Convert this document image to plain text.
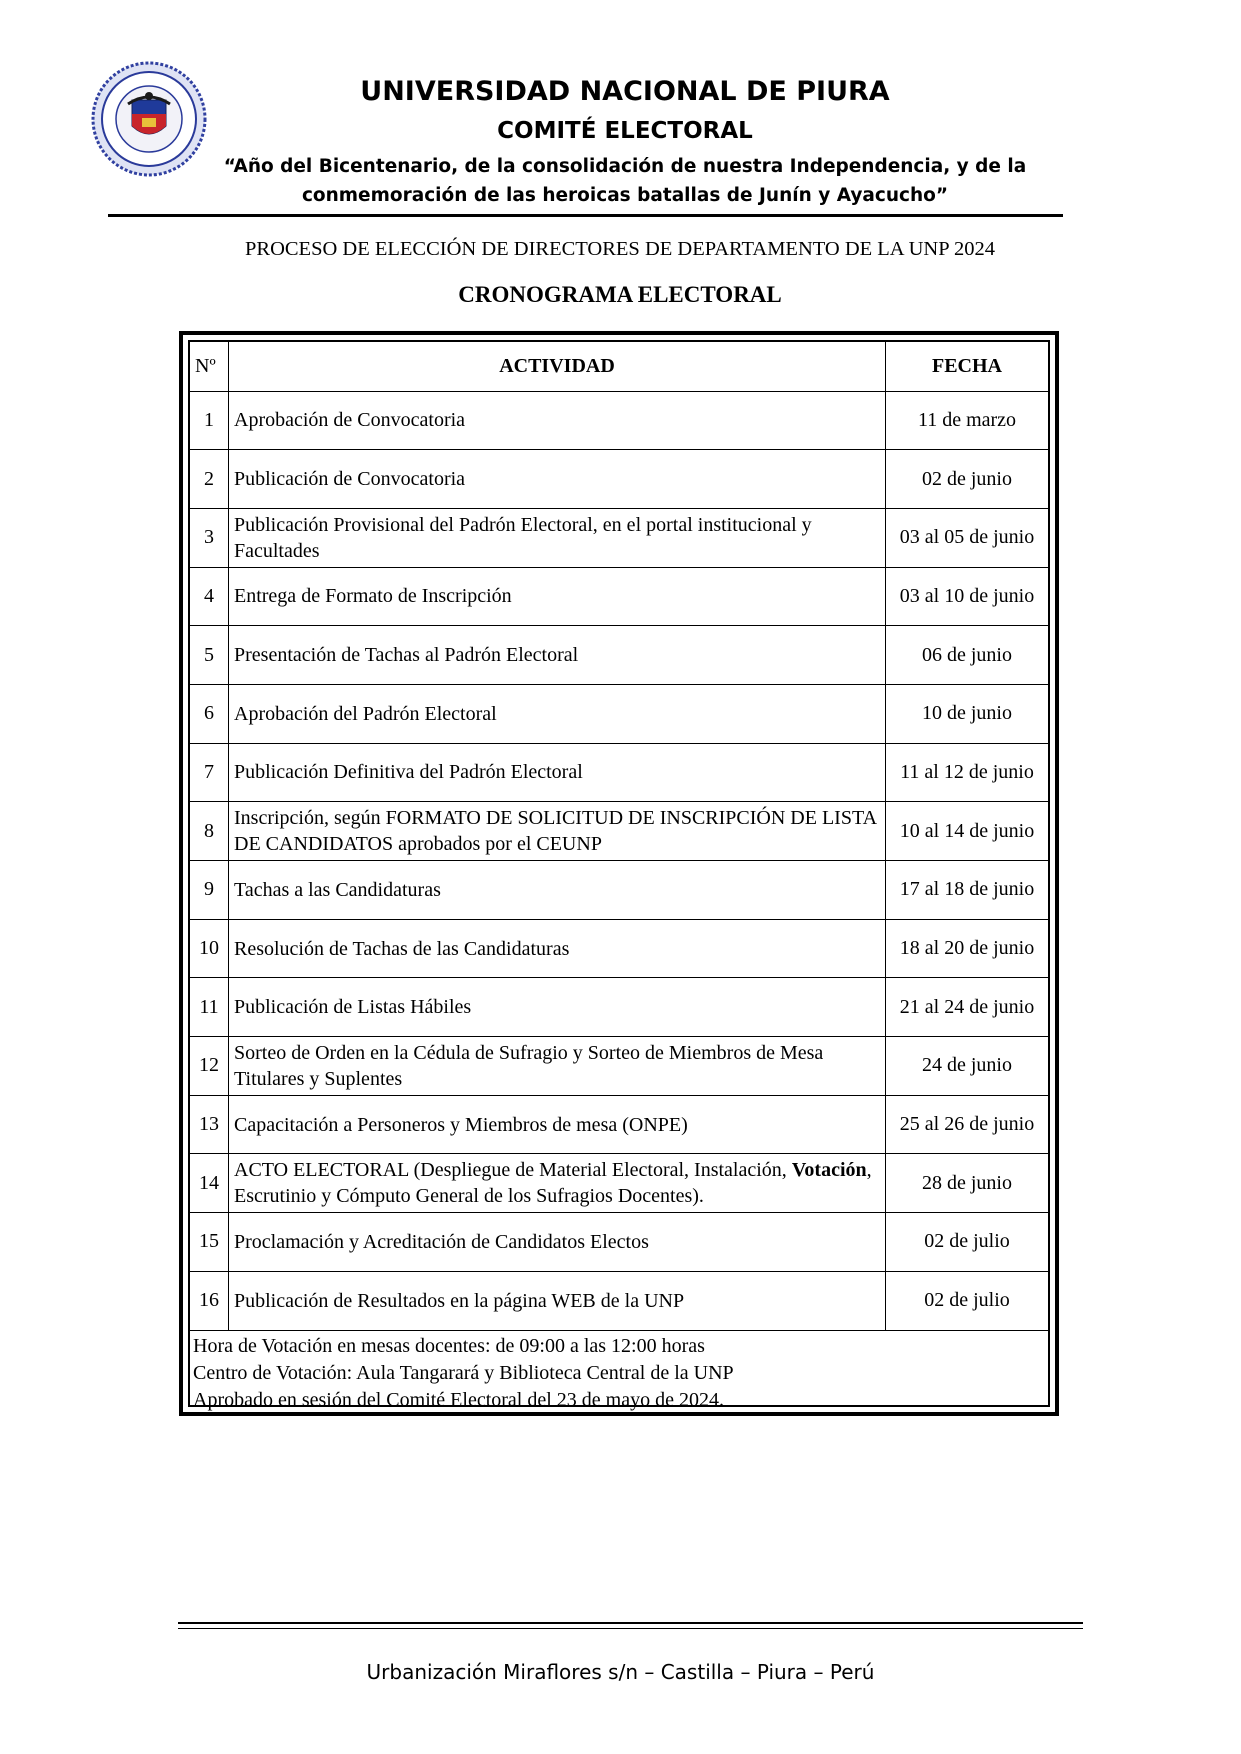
UNIVERSIDAD NACIONAL DE PIURA
COMITÉ ELECTORAL
“Año del Bicentenario, de la consolidación de nuestra Independencia, y de la
conmemoración de las heroicas batallas de Junín y Ayacucho”
PROCESO DE ELECCIÓN DE DIRECTORES DE DEPARTAMENTO DE LA UNP 2024
CRONOGRAMA ELECTORAL
Nº	ACTIVIDAD	FECHA
1	Aprobación de Convocatoria	11 de marzo
2	Publicación de Convocatoria	02 de junio
3	Publicación Provisional del Padrón Electoral, en el portal institucional y Facultades	03 al 05 de junio
4	Entrega de Formato de Inscripción	03 al 10 de junio
5	Presentación de Tachas al Padrón Electoral	06 de junio
6	Aprobación del Padrón Electoral	10 de junio
7	Publicación Definitiva del Padrón Electoral	11 al 12 de junio
8	Inscripción, según FORMATO DE SOLICITUD DE INSCRIPCIÓN DE LISTA DE CANDIDATOS aprobados por el CEUNP	10 al 14 de junio
9	Tachas a las Candidaturas	17 al 18 de junio
10	Resolución de Tachas de las Candidaturas	18 al 20 de junio
11	Publicación de Listas Hábiles	21 al 24 de junio
12	Sorteo de Orden en la Cédula de Sufragio y Sorteo de Miembros de Mesa Titulares y Suplentes	24 de junio
13	Capacitación a Personeros y Miembros de mesa (ONPE)	25 al 26 de junio
14	ACTO ELECTORAL (Despliegue de Material Electoral, Instalación, Votación, Escrutinio y Cómputo General de los Sufragios Docentes).	28 de junio
15	Proclamación y Acreditación de Candidatos Electos	02 de julio
16	Publicación de Resultados en la página WEB de la UNP	02 de julio
Hora de Votación en mesas docentes: de 09:00 a las 12:00 horas
Centro de Votación: Aula Tangarará y Biblioteca Central de la UNP
Aprobado en sesión del Comité Electoral del 23 de mayo de 2024.
Urbanización Miraflores s/n – Castilla – Piura – Perú
